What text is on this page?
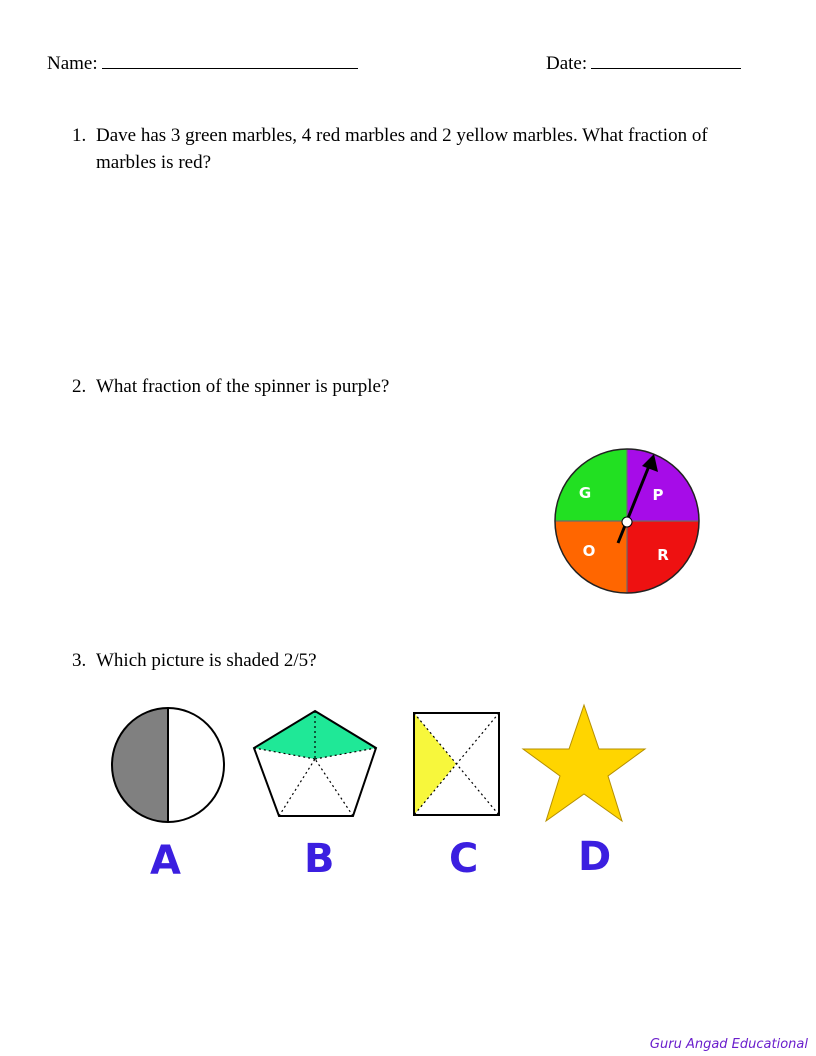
Name:	Date:
1. Dave has 3 green marbles, 4 red marbles and 2 yellow marbles. What fraction of marbles is red?
2. What fraction of the spinner is purple?
G	P
R
O
3. Which picture is shaded 2/5?
A	B	C D
Guru Angad Educational
